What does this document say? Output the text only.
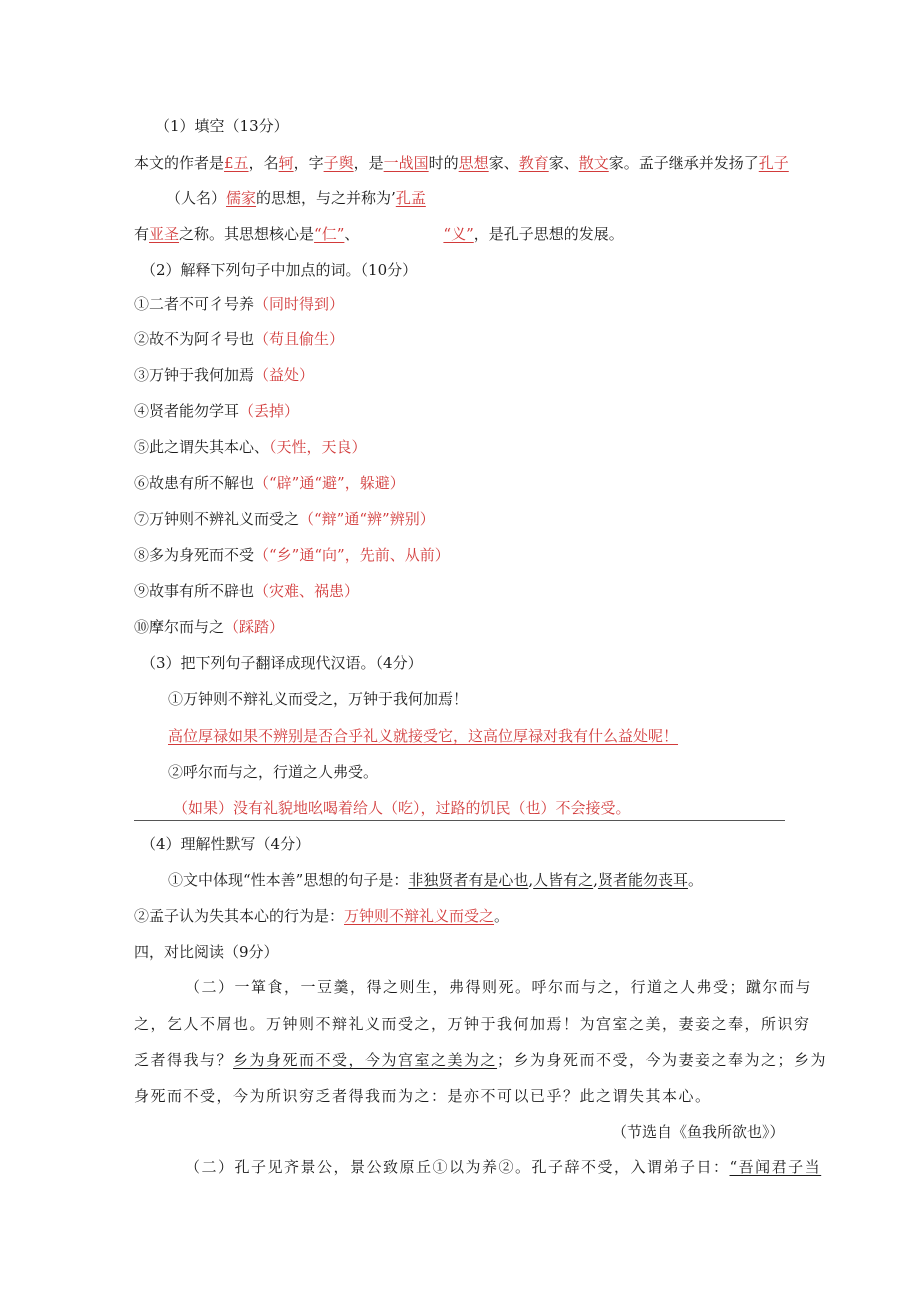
（1）填空（13分）
本文的作者是£五，名轲，字子舆，是一战国时的思想家、教育家、散文家。孟子继承并发扬了孔子
（人名）儒家的思想，与之并称为’孔孟
有亚圣之称。其思想核心是“仁”、	“义”，是孔子思想的发展。
（2）解释下列句子中加点的词。（10分）
①二者不可彳号养（同时得到）
②故不为阿彳号也（苟且偷生）
③万钟于我何加焉（益处）
④贤者能勿学耳（丢掉）
⑤此之谓失其本心、（天性，天良）
⑥故患有所不解也（“辟”通“避”，躲避）
⑦万钟则不辨礼义而受之（“辩”通“辨”辨别）
⑧多为身死而不受（“乡”通“向”，先前、从前）
⑨故事有所不辟也（灾难、祸患）
⑩摩尔而与之（踩踏）
（3）把下列句子翻译成现代汉语。（4分）
①万钟则不辩礼义而受之，万钟于我何加焉！
高位厚禄如果不辨别是否合乎礼义就接受它，这高位厚禄对我有什么益处呢！
②呼尔而与之，行道之人弗受。
（如果）没有礼貌地吆喝着给人（吃），过路的饥民（也）不会接受。
（4）理解性默写（4分）
①文中体现“性本善”思想的句子是：非独贤者有是心也,人皆有之,贤者能勿丧耳。
②孟子认为失其本心的行为是：万钟则不辩礼义而受之。
四，对比阅读（9分）
（二）一箪食，一豆羹，得之则生，弗得则死。呼尔而与之，行道之人弗受；蹴尔而与
之，乞人不屑也。万钟则不辩礼义而受之，万钟于我何加焉！为宫室之美，妻妾之奉，所识穷
乏者得我与？乡为身死而不受，今为宫室之美为之；乡为身死而不受，今为妻妾之奉为之；乡为
身死而不受，今为所识穷乏者得我而为之：是亦不可以已乎？此之谓失其本心。
（节选自《鱼我所欲也》）
（二）孔子见齐景公，景公致原丘①以为养②。孔子辞不受，入谓弟子日：“吾闻君子当
